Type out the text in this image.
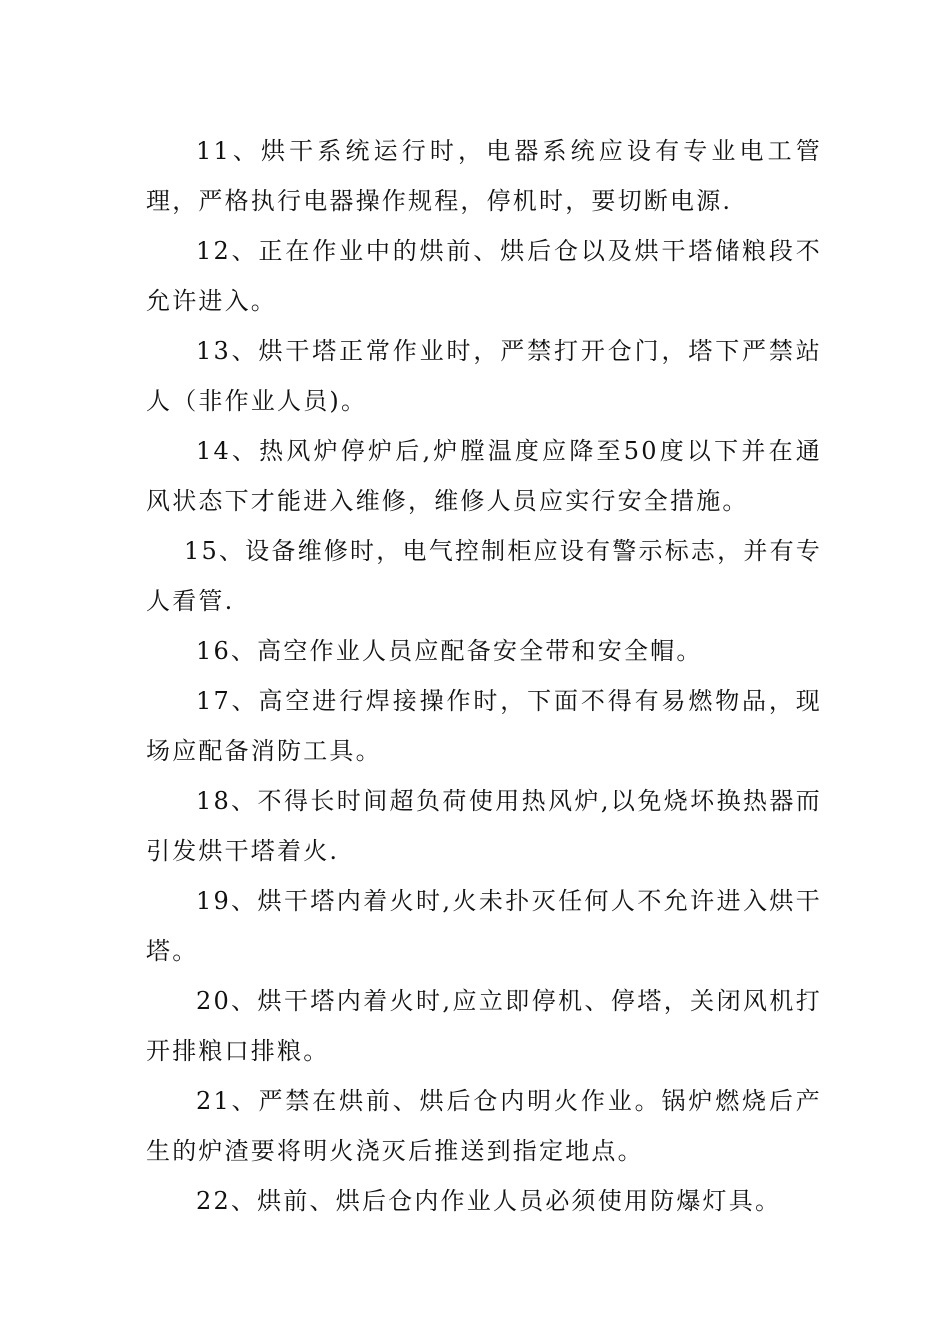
11、烘干系统运行时，电器系统应设有专业电工管理，严格执行电器操作规程，停机时，要切断电源.

12、正在作业中的烘前、烘后仓以及烘干塔储粮段不允许进入。

13、烘干塔正常作业时，严禁打开仓门，塔下严禁站人（非作业人员)。

14、热风炉停炉后,炉膛温度应降至50度以下并在通风状态下才能进入维修，维修人员应实行安全措施。

15、设备维修时，电气控制柜应设有警示标志，并有专人看管.

16、高空作业人员应配备安全带和安全帽。

17、高空进行焊接操作时，下面不得有易燃物品，现场应配备消防工具。

18、不得长时间超负荷使用热风炉,以免烧坏换热器而引发烘干塔着火.

19、烘干塔内着火时,火未扑灭任何人不允许进入烘干塔。

20、烘干塔内着火时,应立即停机、停塔，关闭风机打开排粮口排粮。

21、严禁在烘前、烘后仓内明火作业。锅炉燃烧后产生的炉渣要将明火浇灭后推送到指定地点。

22、烘前、烘后仓内作业人员必须使用防爆灯具。
